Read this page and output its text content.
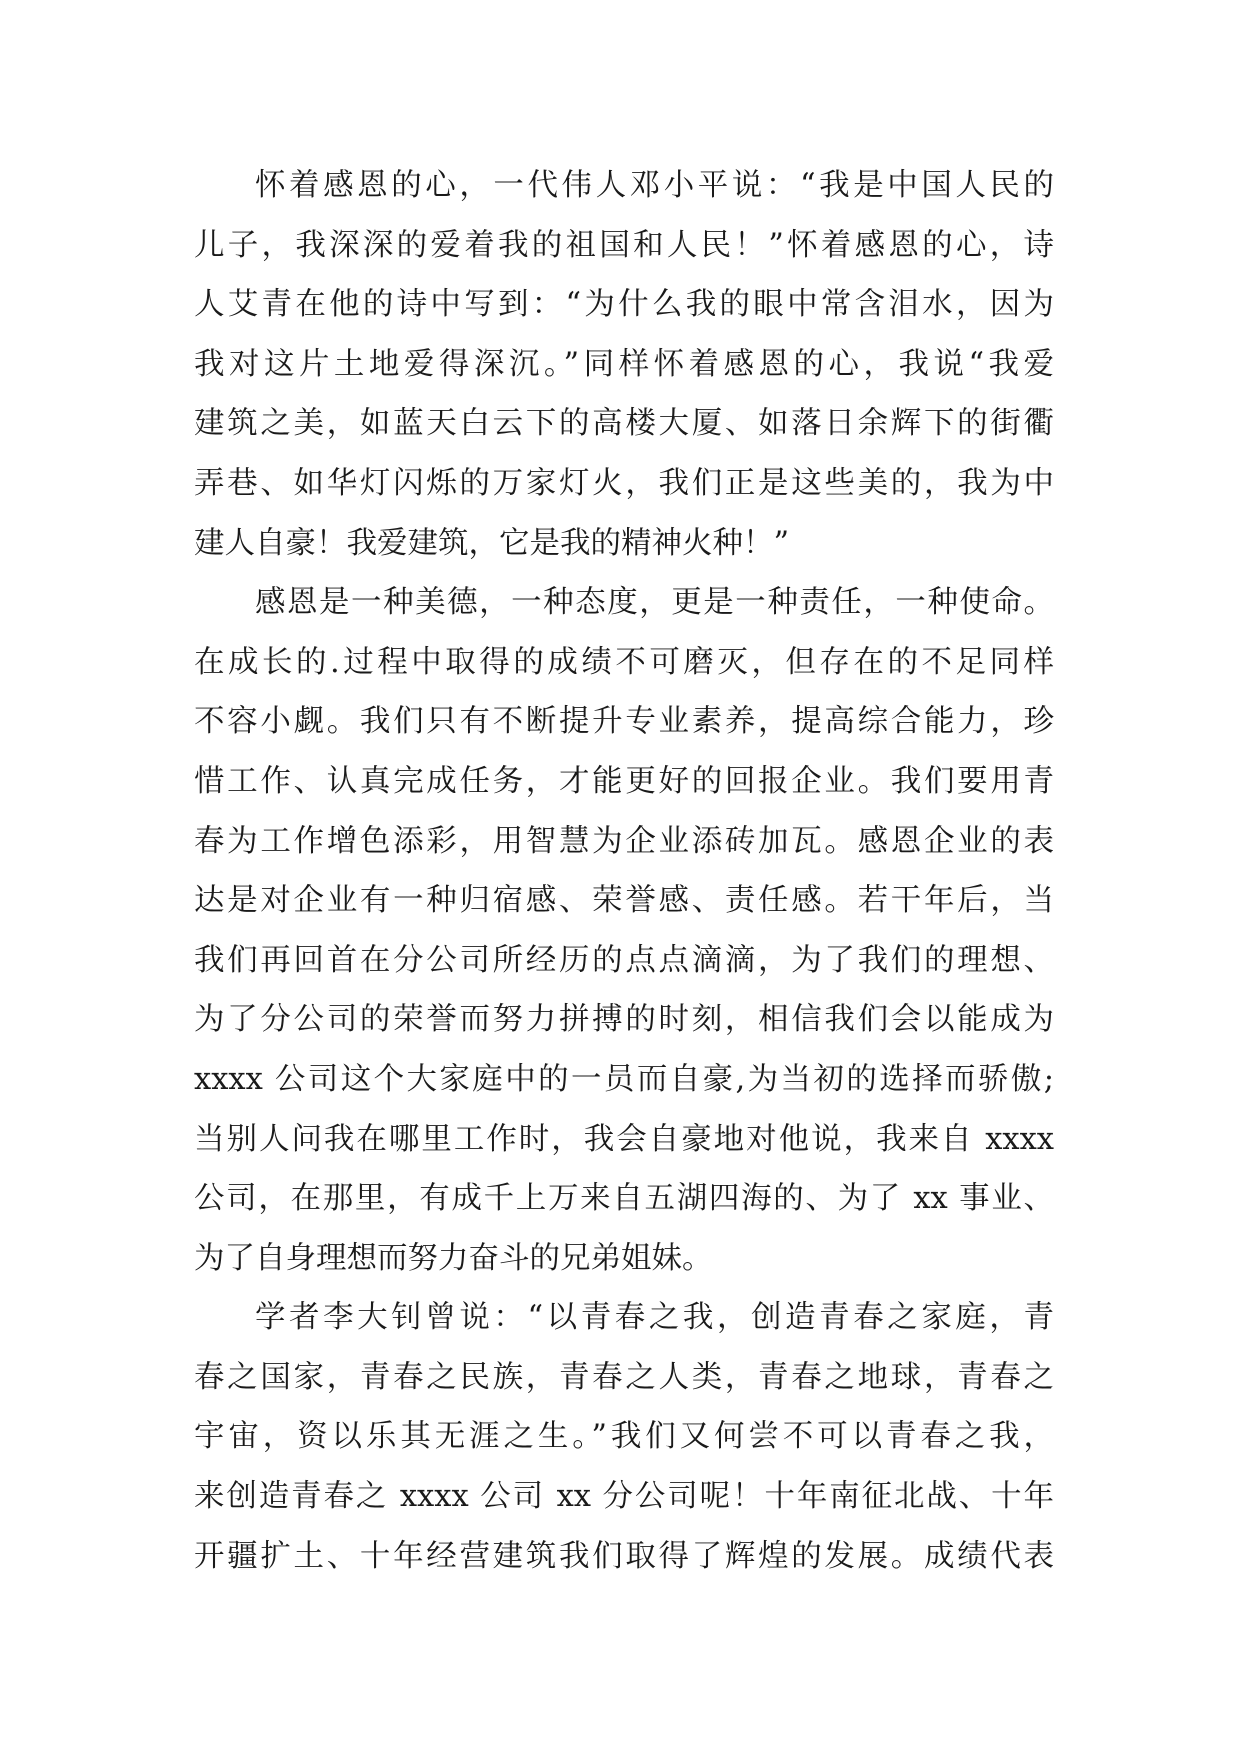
怀着感恩的心，一代伟人邓小平说：“我是中国人民的
儿子，我深深的爱着我的祖国和人民！”怀着感恩的心，诗
人艾青在他的诗中写到：“为什么我的眼中常含泪水，因为
我对这片土地爱得深沉。”同样怀着感恩的心，我说“我爱
建筑之美，如蓝天白云下的高楼大厦、如落日余辉下的街衢
弄巷、如华灯闪烁的万家灯火，我们正是这些美的，我为中
建人自豪！我爱建筑，它是我的精神火种！”
感恩是一种美德，一种态度，更是一种责任，一种使命。
在成长的.过程中取得的成绩不可磨灭，但存在的不足同样
不容小觑。我们只有不断提升专业素养，提高综合能力，珍
惜工作、认真完成任务，才能更好的回报企业。我们要用青
春为工作增色添彩，用智慧为企业添砖加瓦。感恩企业的表
达是对企业有一种归宿感、荣誉感、责任感。若干年后，当
我们再回首在分公司所经历的点点滴滴，为了我们的理想、
为了分公司的荣誉而努力拼搏的时刻，相信我们会以能成为
xxxx 公司这个大家庭中的一员而自豪,为当初的选择而骄傲;
当别人问我在哪里工作时，我会自豪地对他说，我来自 xxxx
公司，在那里，有成千上万来自五湖四海的、为了 xx 事业、
为了自身理想而努力奋斗的兄弟姐妹。
学者李大钊曾说：“以青春之我，创造青春之家庭，青
春之国家，青春之民族，青春之人类，青春之地球，青春之
宇宙，资以乐其无涯之生。”我们又何尝不可以青春之我，
来创造青春之 xxxx 公司 xx 分公司呢！十年南征北战、十年
开疆扩土、十年经营建筑我们取得了辉煌的发展。成绩代表
